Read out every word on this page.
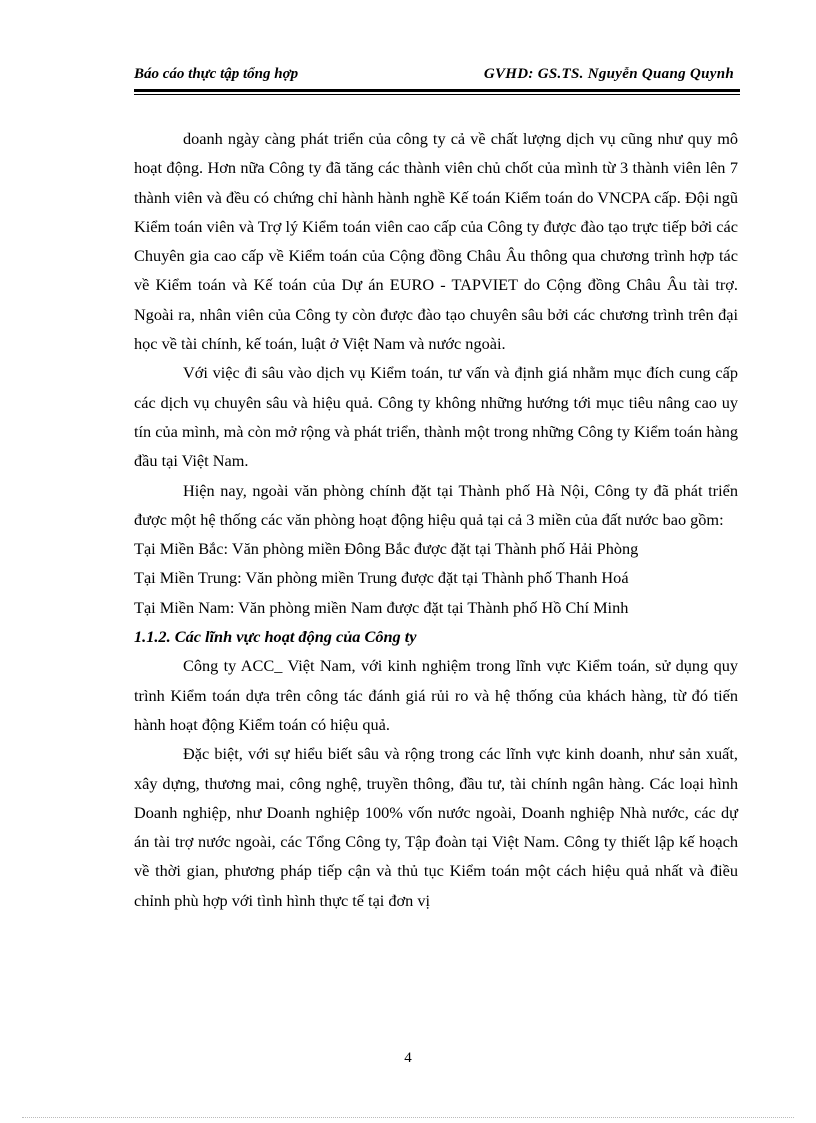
Báo cáo thực tập tổng hợp	GVHD: GS.TS. Nguyễn Quang Quynh

doanh ngày càng phát triển của công ty cả về chất lượng dịch vụ cũng như quy mô hoạt động. Hơn nữa Công ty đã tăng các thành viên chủ chốt của mình từ 3 thành viên lên 7 thành viên và đều có chứng chỉ hành hành nghề Kế toán Kiểm toán do VNCPA cấp. Đội ngũ Kiểm toán viên và Trợ lý Kiểm toán viên cao cấp của Công ty được đào tạo trực tiếp bởi các Chuyên gia cao cấp về Kiểm toán của Cộng đồng Châu Âu thông qua chương trình hợp tác về Kiểm toán và Kế toán của Dự án EURO - TAPVIET do Cộng đồng Châu Âu tài trợ. Ngoài ra, nhân viên của Công ty còn được đào tạo chuyên sâu bởi các chương trình trên đại học về tài chính, kế toán, luật ở Việt Nam và nước ngoài.

Với việc đi sâu vào dịch vụ Kiểm toán, tư vấn và định giá nhằm mục đích cung cấp các dịch vụ chuyên sâu và hiệu quả. Công ty không những hướng tới mục tiêu nâng cao uy tín của mình, mà còn mở rộng và phát triển, thành một trong những Công ty Kiểm toán hàng đầu tại Việt Nam.

Hiện nay, ngoài văn phòng chính đặt tại Thành phố Hà Nội, Công ty đã phát triển được một hệ thống các văn phòng hoạt động hiệu quả tại cả 3 miền của đất nước bao gồm:

Tại Miền Bắc: Văn phòng miền Đông Bắc được đặt tại Thành phố Hải Phòng

Tại Miền Trung: Văn phòng miền Trung được đặt tại Thành phố Thanh Hoá

Tại Miền Nam: Văn phòng miền Nam được đặt tại Thành phố Hồ Chí Minh

1.1.2. Các lĩnh vực hoạt động của Công ty

Công ty ACC_ Việt Nam, với kinh nghiệm trong lĩnh vực Kiểm toán, sử dụng quy trình Kiểm toán dựa trên công tác đánh giá rủi ro và hệ thống của khách hàng, từ đó tiến hành hoạt động Kiểm toán có hiệu quả.

Đặc biệt, với sự hiểu biết sâu và rộng trong các lĩnh vực kinh doanh, như sản xuất, xây dựng, thương mai, công nghệ, truyền thông, đầu tư, tài chính ngân hàng. Các loại hình Doanh nghiệp, như Doanh nghiệp 100% vốn nước ngoài, Doanh nghiệp Nhà nước, các dự án tài trợ nước ngoài, các Tổng Công ty, Tập đoàn tại Việt Nam. Công ty thiết lập kế hoạch về thời gian, phương pháp tiếp cận và thủ tục Kiểm toán một cách hiệu quả nhất và điều chỉnh phù hợp với tình hình thực tế tại đơn vị

4
